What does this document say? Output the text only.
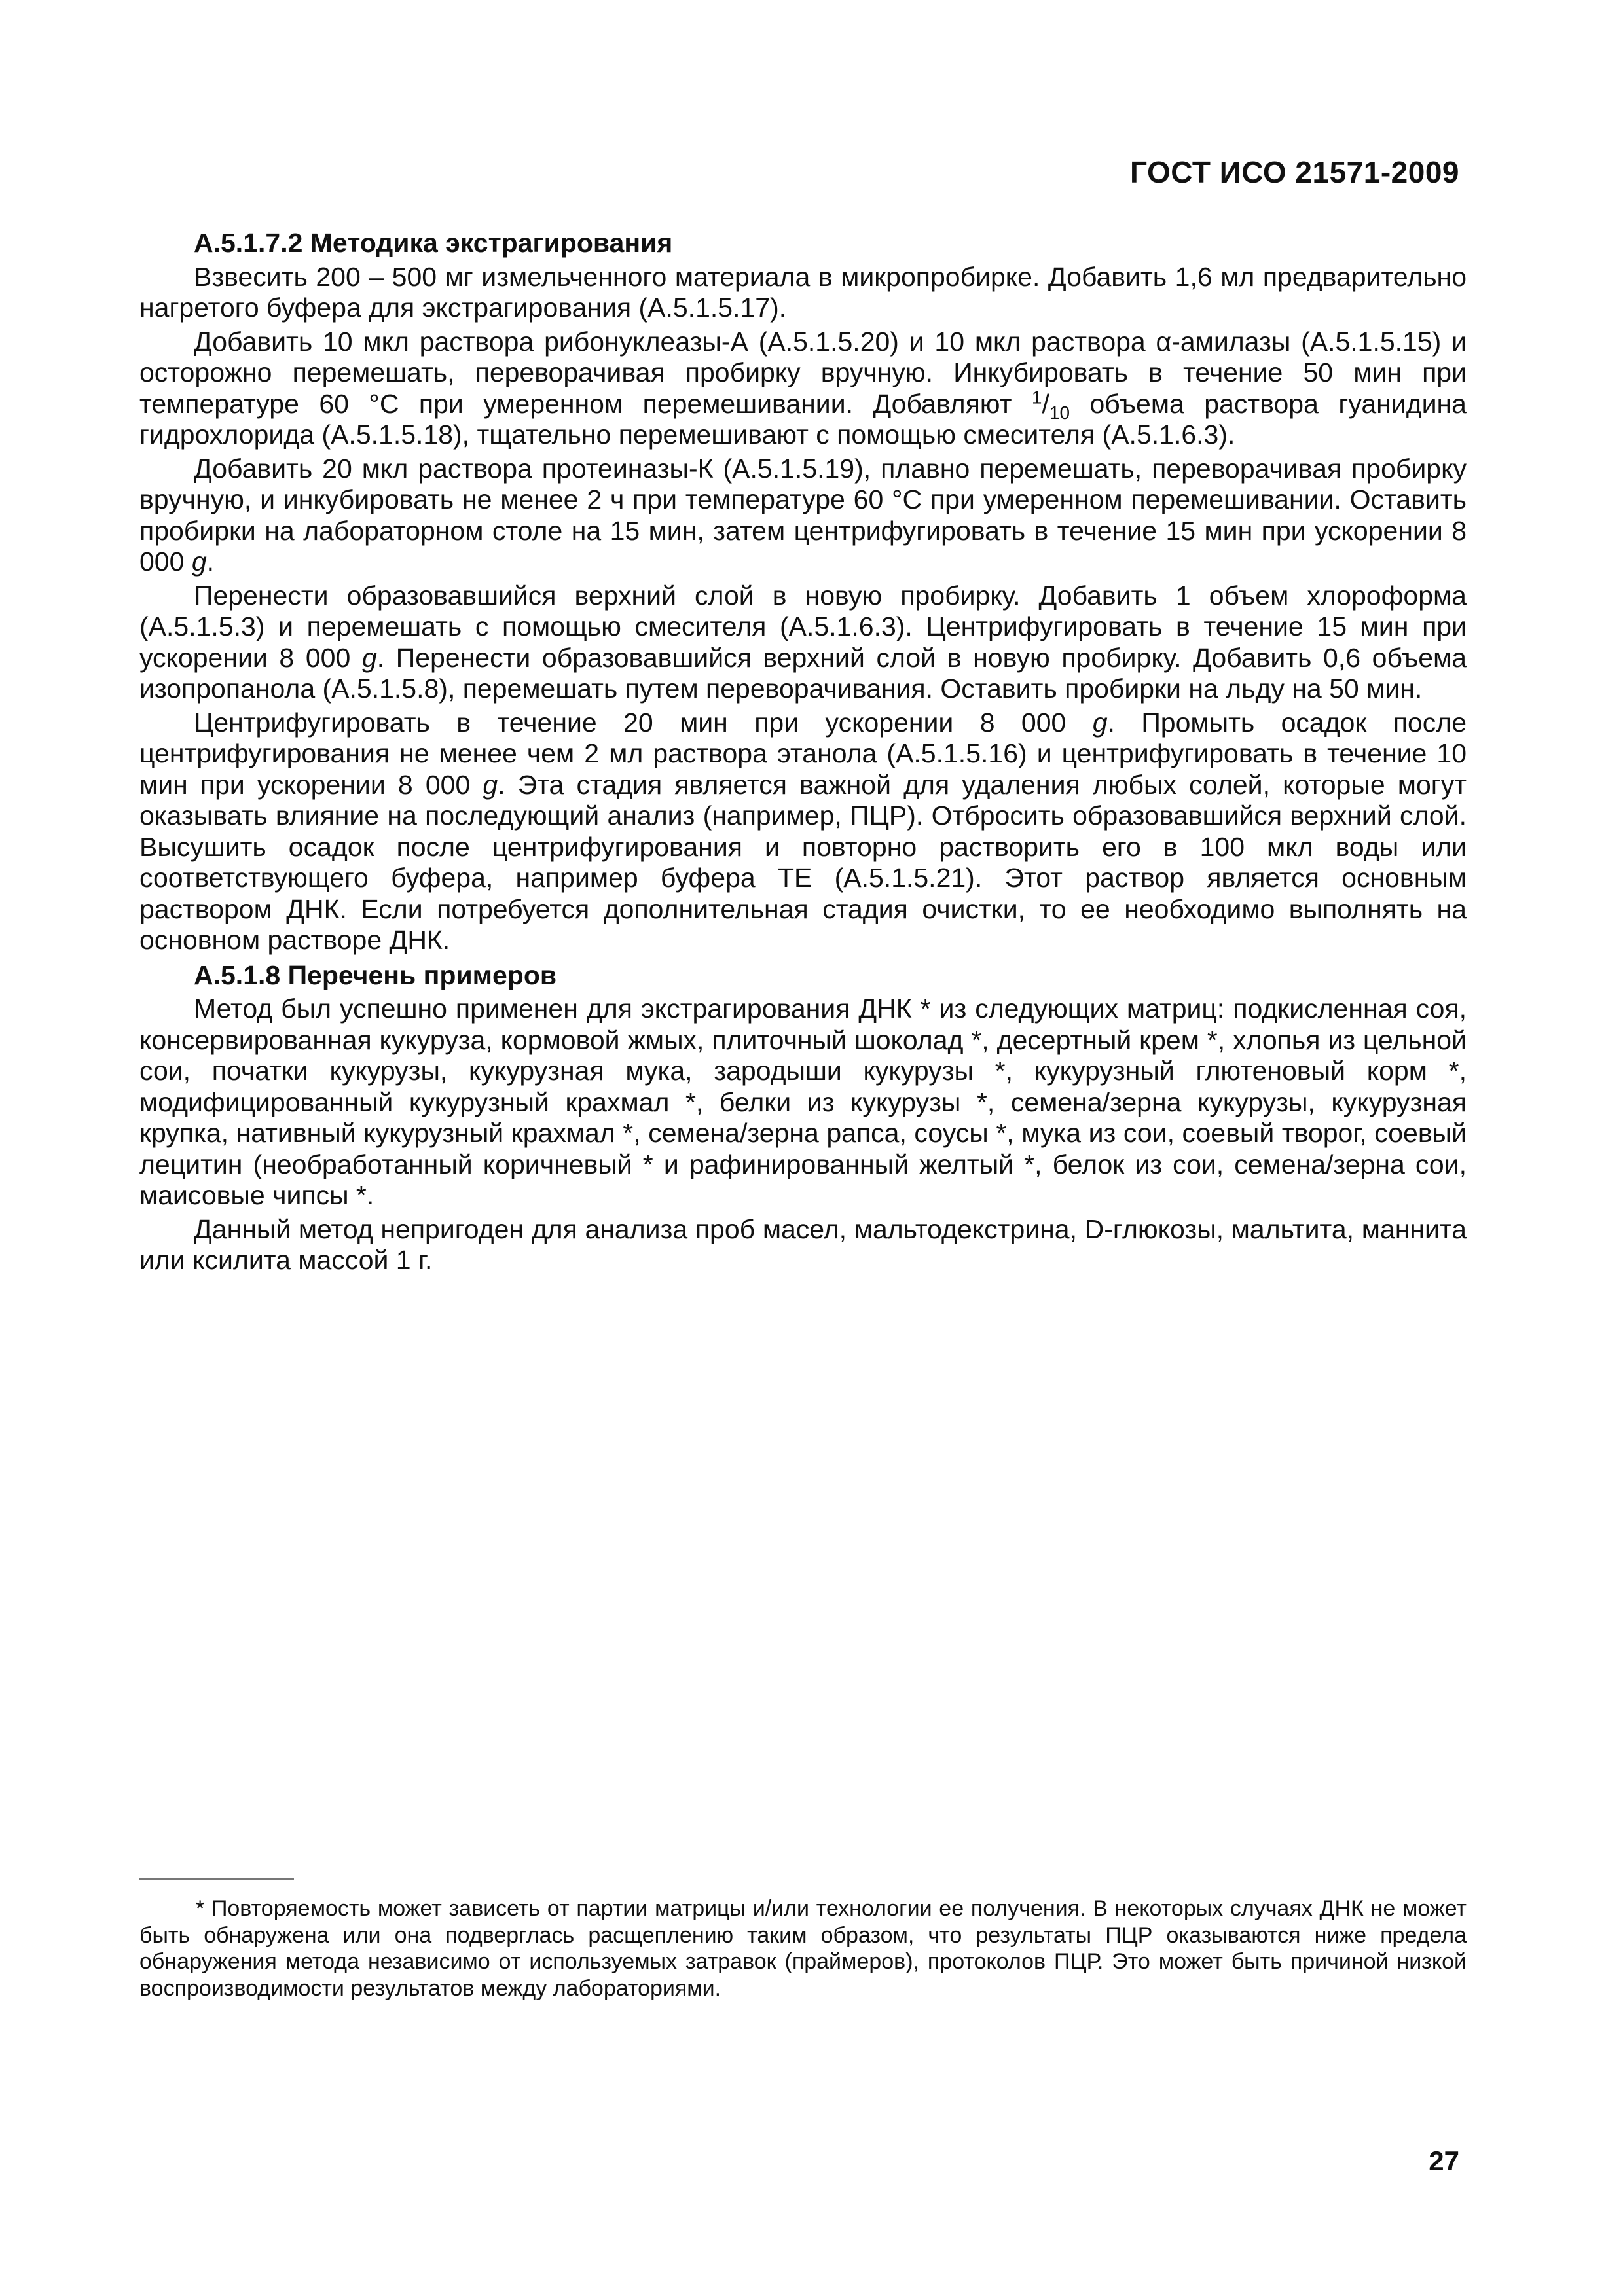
ГОСТ ИСО 21571-2009
А.5.1.7.2 Методика экстрагирования

Взвесить 200 – 500 мг измельченного материала в микропробирке. Добавить 1,6 мл предварительно нагретого буфера для экстрагирования (А.5.1.5.17).

Добавить 10 мкл раствора рибонуклеазы-А (А.5.1.5.20) и 10 мкл раствора α-амилазы (А.5.1.5.15) и осторожно перемешать, переворачивая пробирку вручную. Инкубировать в течение 50 мин при температуре 60 °С при умеренном перемешивании. Добавляют $^1/_{10}$ объема раствора гуанидина гидрохлорида (А.5.1.5.18), тщательно перемешивают с помощью смесителя (А.5.1.6.3).

Добавить 20 мкл раствора протеиназы-К (А.5.1.5.19), плавно перемешать, переворачивая пробирку вручную, и инкубировать не менее 2 ч при температуре 60 °С при умеренном перемешивании. Оставить пробирки на лабораторном столе на 15 мин, затем центрифугировать в течение 15 мин при ускорении 8 000 g.

Перенести образовавшийся верхний слой в новую пробирку. Добавить 1 объем хлороформа (А.5.1.5.3) и перемешать с помощью смесителя (А.5.1.6.3). Центрифугировать в течение 15 мин при ускорении 8 000 g. Перенести образовавшийся верхний слой в новую пробирку. Добавить 0,6 объема изопропанола (А.5.1.5.8), перемешать путем переворачивания. Оставить пробирки на льду на 50 мин.

Центрифугировать в течение 20 мин при ускорении 8 000 g. Промыть осадок после центрифугирования не менее чем 2 мл раствора этанола (А.5.1.5.16) и центрифугировать в течение 10 мин при ускорении 8 000 g. Эта стадия является важной для удаления любых солей, которые могут оказывать влияние на последующий анализ (например, ПЦР). Отбросить образовавшийся верхний слой. Высушить осадок после центрифугирования и повторно растворить его в 100 мкл воды или соответствующего буфера, например буфера ТЕ (А.5.1.5.21). Этот раствор является основным раствором ДНК. Если потребуется дополнительная стадия очистки, то ее необходимо выполнять на основном растворе ДНК.

А.5.1.8 Перечень примеров

Метод был успешно применен для экстрагирования ДНК * из следующих матриц: подкисленная соя, консервированная кукуруза, кормовой жмых, плиточный шоколад *, десертный крем *, хлопья из цельной сои, початки кукурузы, кукурузная мука, зародыши кукурузы *, кукурузный глютеновый корм *, модифицированный кукурузный крахмал *, белки из кукурузы *, семена/зерна кукурузы, кукурузная крупка, нативный кукурузный крахмал *, семена/зерна рапса, соусы *, мука из сои, соевый творог, соевый лецитин (необработанный коричневый * и рафинированный желтый *, белок из сои, семена/зерна сои, маисовые чипсы *.

Данный метод непригоден для анализа проб масел, мальтодекстрина, D-глюкозы, мальтита, маннита или ксилита массой 1 г.

* Повторяемость может зависеть от партии матрицы и/или технологии ее получения. В некоторых случаях ДНК не может быть обнаружена или она подверглась расщеплению таким образом, что результаты ПЦР оказываются ниже предела обнаружения метода независимо от используемых затравок (праймеров), протоколов ПЦР. Это может быть причиной низкой воспроизводимости результатов между лабораториями.
27
